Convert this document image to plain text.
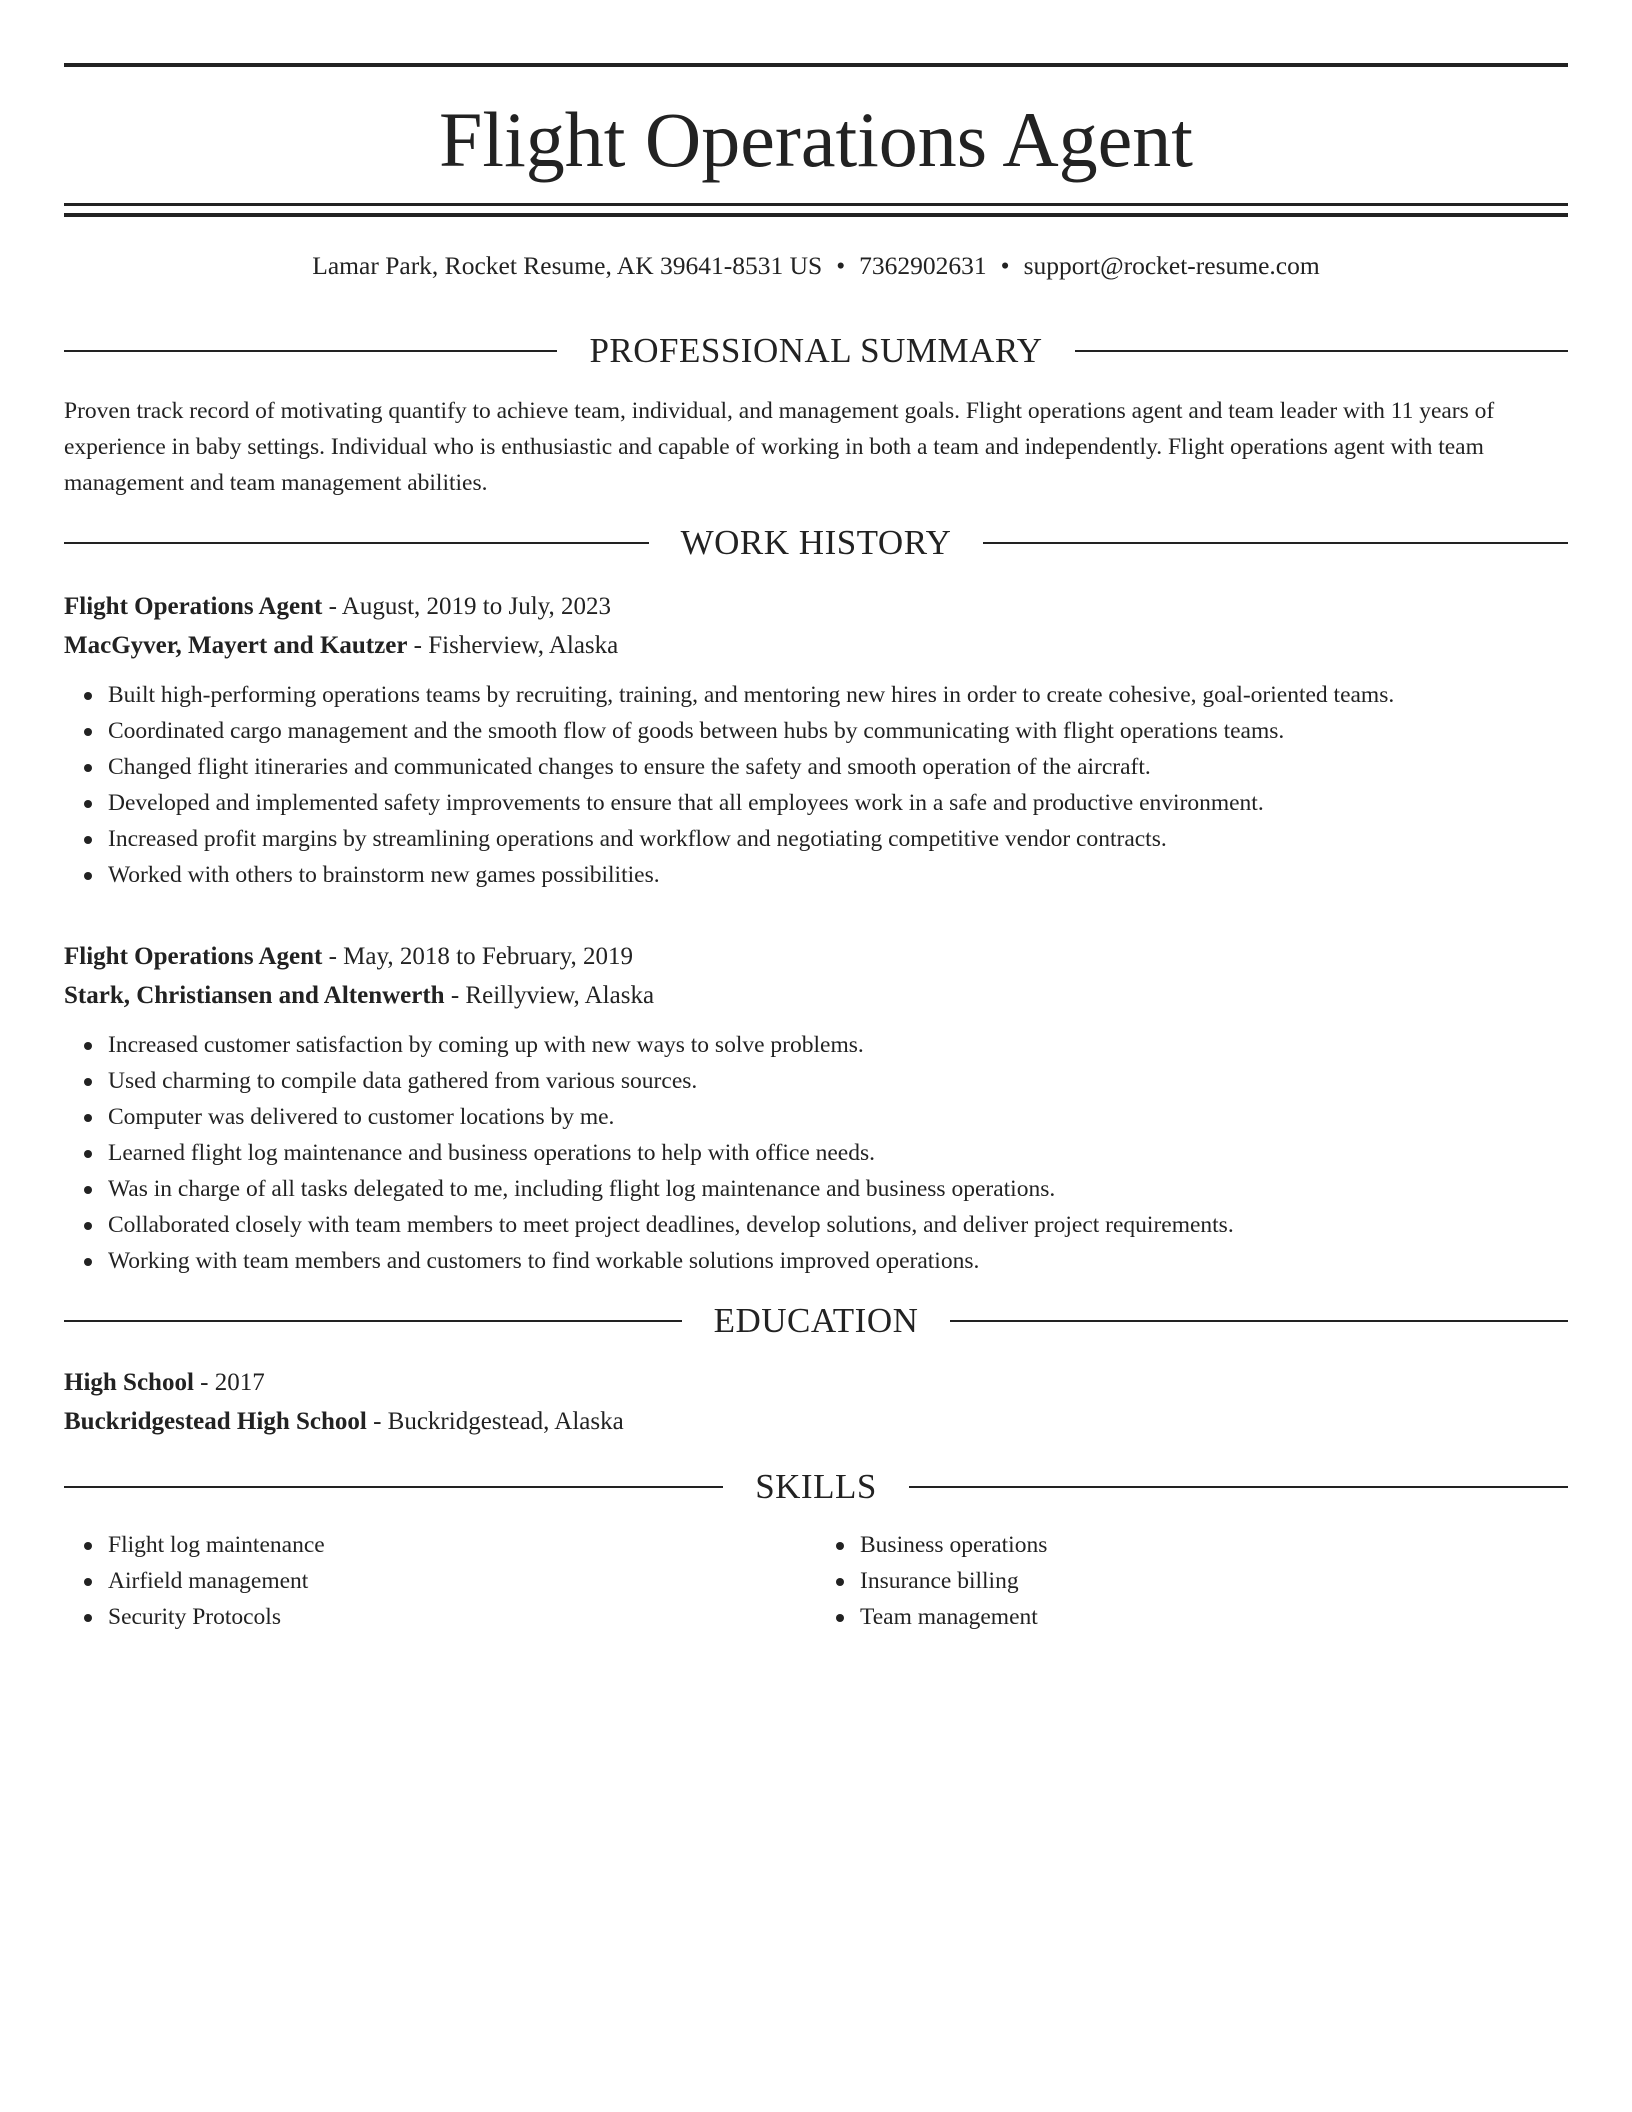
Flight Operations Agent
Lamar Park, Rocket Resume, AK 39641-8531 US • 7362902631 • support@rocket-resume.com
PROFESSIONAL SUMMARY
Proven track record of motivating quantify to achieve team, individual, and management goals. Flight operations agent and team leader with 11 years of experience in baby settings. Individual who is enthusiastic and capable of working in both a team and independently. Flight operations agent with team management and team management abilities.
WORK HISTORY
Flight Operations Agent - August, 2019 to July, 2023
MacGyver, Mayert and Kautzer - Fisherview, Alaska
Built high-performing operations teams by recruiting, training, and mentoring new hires in order to create cohesive, goal-oriented teams.
Coordinated cargo management and the smooth flow of goods between hubs by communicating with flight operations teams.
Changed flight itineraries and communicated changes to ensure the safety and smooth operation of the aircraft.
Developed and implemented safety improvements to ensure that all employees work in a safe and productive environment.
Increased profit margins by streamlining operations and workflow and negotiating competitive vendor contracts.
Worked with others to brainstorm new games possibilities.
Flight Operations Agent - May, 2018 to February, 2019
Stark, Christiansen and Altenwerth - Reillyview, Alaska
Increased customer satisfaction by coming up with new ways to solve problems.
Used charming to compile data gathered from various sources.
Computer was delivered to customer locations by me.
Learned flight log maintenance and business operations to help with office needs.
Was in charge of all tasks delegated to me, including flight log maintenance and business operations.
Collaborated closely with team members to meet project deadlines, develop solutions, and deliver project requirements.
Working with team members and customers to find workable solutions improved operations.
EDUCATION
High School - 2017
Buckridgestead High School - Buckridgestead, Alaska
SKILLS
Flight log maintenance
Airfield management
Security Protocols
Business operations
Insurance billing
Team management
